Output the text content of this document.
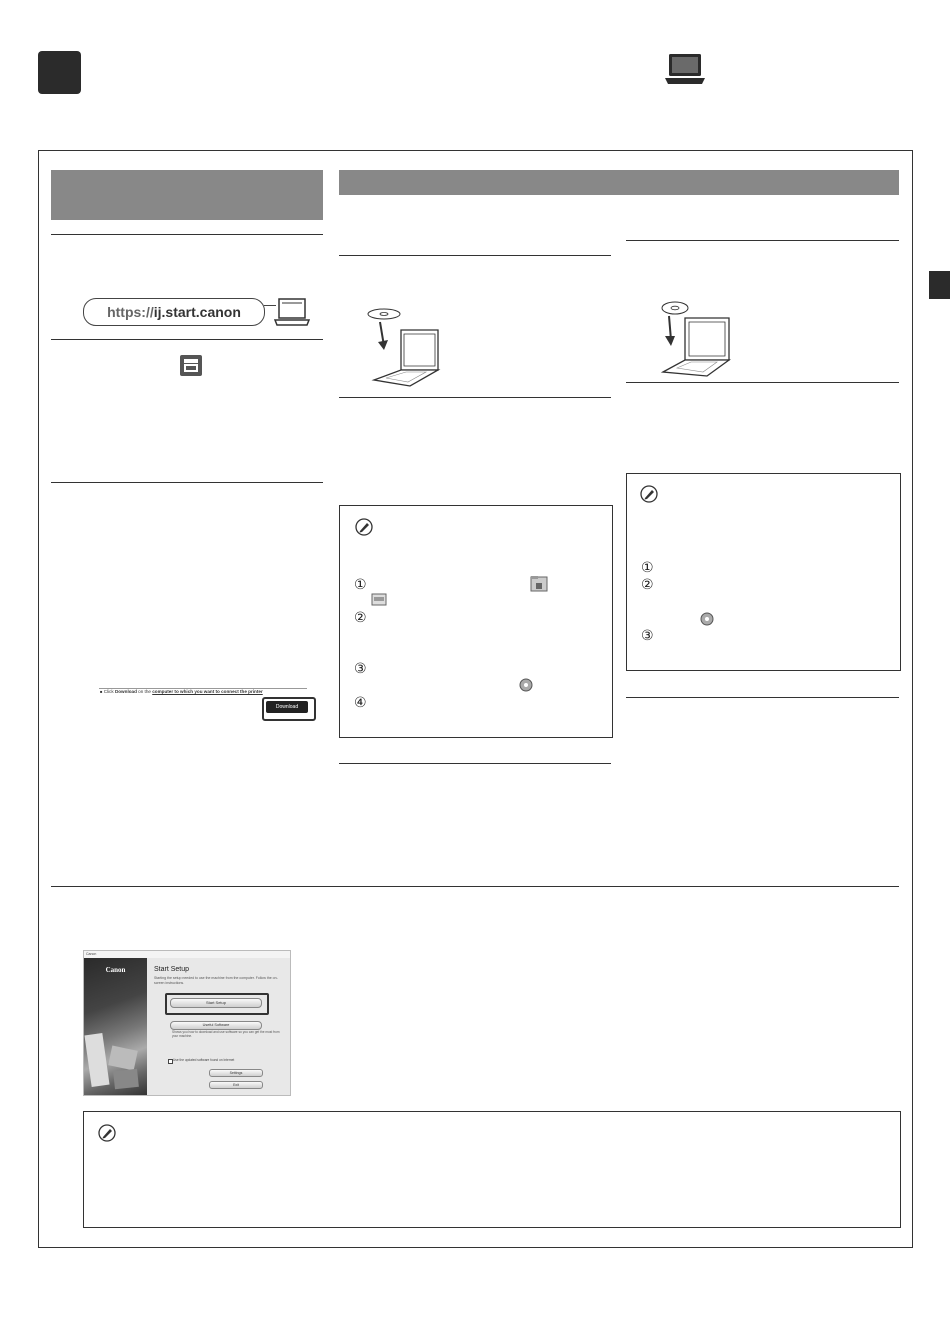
https://ij.start.canon
■ Click Download on the computer to which you want to connect the printer
Download
①
②
③
④
①
②
③
Canon
Canon	Start Setup
Starting the setup needed to use the machine from the computer. Follow the on-screen instructions.
Start Setup
Useful Software
Shows you how to download and use software so you can get the most from your machine.
Use the updated software found on Internet
Settings
Exit
